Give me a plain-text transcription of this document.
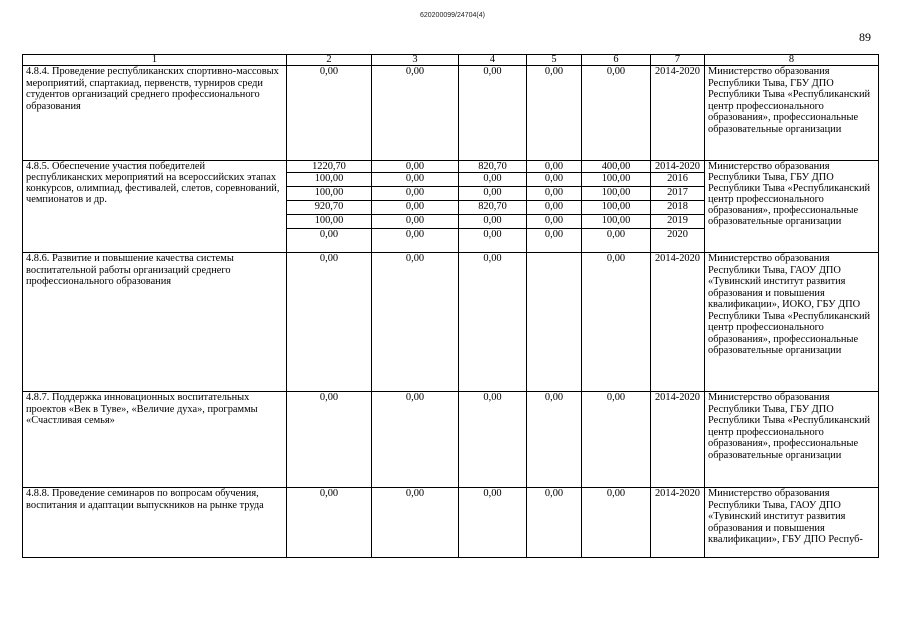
620200099/24704(4)
89
1	2	3	4	5	6	7	8
4.8.4. Проведение республиканских спортивно-массовых мероприятий, спартакиад, первенств, турниров среди студентов организаций среднего профессионального образования	0,00	0,00	0,00	0,00	0,00	2014-2020	Министерство образования Республики Тыва, ГБУ ДПО Республики Тыва «Республиканский центр профессионального образования», профессиональные образовательные организации
4.8.5. Обеспечение участия победителей республиканских мероприятий на всероссийских этапах конкурсов, олимпиад, фестивалей, слетов, соревнований, чемпионатов и др.	1220,70	0,00	820,70	0,00	400,00	2014-2020	Министерство образования Республики Тыва, ГБУ ДПО Республики Тыва «Республиканский центр профессионального образования», профессиональные образовательные организации
	100,00	0,00	0,00	0,00	100,00	2016	
	100,00	0,00	0,00	0,00	100,00	2017	
	920,70	0,00	820,70	0,00	100,00	2018	
	100,00	0,00	0,00	0,00	100,00	2019	
	0,00	0,00	0,00	0,00	0,00	2020	
4.8.6. Развитие и повышение качества системы воспитательной работы организаций среднего профессионального образования	0,00	0,00	0,00		0,00	2014-2020	Министерство образования Республики Тыва, ГАОУ ДПО «Тувинский институт развития образования и повышения квалификации», ИОКО, ГБУ ДПО Республики Тыва «Республиканский центр профессионального образования», профессиональные образовательные организации
4.8.7. Поддержка инновационных воспитательных проектов «Век в Туве», «Величие духа», программы «Счастливая семья»	0,00	0,00	0,00	0,00	0,00	2014-2020	Министерство образования Республики Тыва, ГБУ ДПО Республики Тыва «Республиканский центр профессионального образования», профессиональные образовательные организации
4.8.8. Проведение семинаров по вопросам обучения, воспитания и адаптации выпускников на рынке труда	0,00	0,00	0,00	0,00	0,00	2014-2020	Министерство образования Республики Тыва, ГАОУ ДПО «Тувинский институт развития образования и повышения квалификации», ГБУ ДПО Респуб-
